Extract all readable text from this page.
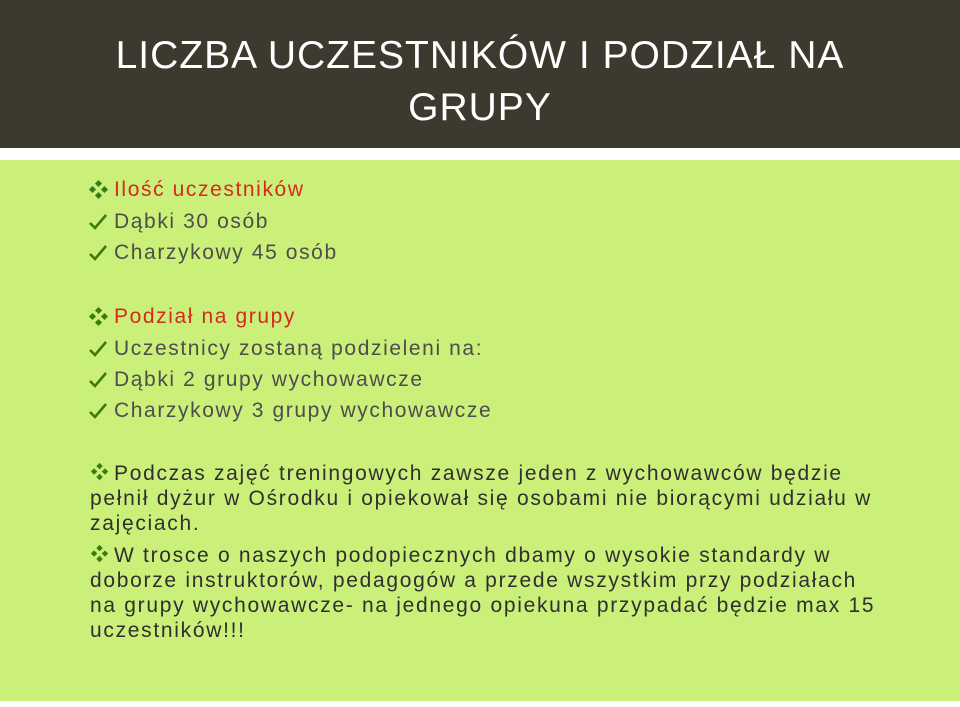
LICZBA UCZESTNIKÓW I PODZIAŁ NA GRUPY
Ilość uczestników
Dąbki 30 osób
Charzykowy 45 osób
Podział na grupy
Uczestnicy zostaną podzieleni na:
Dąbki 2 grupy wychowawcze
Charzykowy 3 grupy wychowawcze
Podczas zajęć treningowych zawsze jeden z wychowawców będzie pełnił dyżur w Ośrodku i opiekował się osobami nie biorącymi udziału w zajęciach.
W trosce o naszych podopiecznych dbamy o wysokie standardy w doborze instruktorów, pedagogów a przede wszystkim przy podziałach na grupy wychowawcze- na jednego opiekuna przypadać będzie max 15 uczestników!!!
